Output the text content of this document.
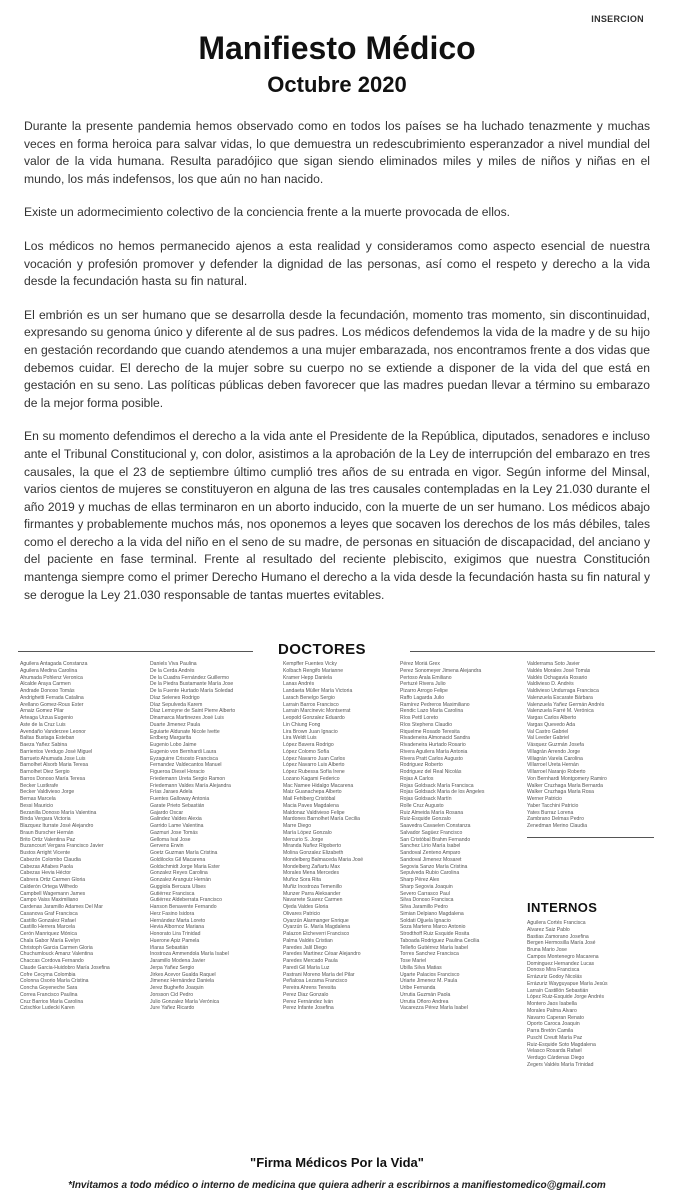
INSERCION
Manifiesto Médico
Octubre 2020

Durante la presente pandemia hemos observado como en todos los países se ha luchado tenazmente y muchas veces en forma heroica para salvar vidas, lo que demuestra un redescubrimiento esperanzador a nivel mundial del valor de la vida humana. Resulta paradójico que sigan siendo eliminados miles y miles de niños y niñas en el mundo, los más indefensos, los que aún no han nacido.

Existe un adormecimiento colectivo de la conciencia frente a la muerte provocada de ellos.

Los médicos no hemos permanecido ajenos a esta realidad y consideramos como aspecto esencial de nuestra vocación y profesión promover y defender la dignidad de las personas, así como el respeto y derecho a la vida desde la fecundación hasta su fin natural.

El embrión es un ser humano que se desarrolla desde la fecundación, momento tras momento, sin discontinuidad, expresando su genoma único y diferente al de sus padres. Los médicos defendemos la vida de la madre y de su hijo en gestación recordando que cuando atendemos a una mujer embarazada, nos encontramos frente a dos vidas que debemos cuidar. El derecho de la mujer sobre su cuerpo no se extiende a disponer de la vida del que está en gestación en su seno. Las políticas públicas deben favorecer que las madres puedan llevar a término su embarazo de la mejor forma posible.

En su momento defendimos el derecho a la vida ante el Presidente de la República, diputados, senadores e incluso ante el Tribunal Constitucional y, con dolor, asistimos a la aprobación de la Ley de interrupción del embarazo en tres causales, la que el 23 de septiembre último cumplió tres años de su entrada en vigor. Según informe del Minsal, varios cientos de mujeres se constituyeron en alguna de las tres causales contempladas en la Ley 21.030 durante el año 2019 y muchas de ellas terminaron en un aborto inducido, con la muerte de un ser humano. Los médicos abajo firmantes y probablemente muchos más, nos oponemos a leyes que socaven los derechos de los más débiles, tales como el derecho a la vida del niño en el seno de su madre, de personas en situación de discapacidad, del anciano y del paciente en fase terminal. Frente al resultado del reciente plebiscito, exigimos que nuestra Constitución mantenga siempre como el primer Derecho Humano el derecho a la vida desde la fecundación hasta su fin natural y se derogue la Ley 21.030 responsable de tantas muertes evitables.

DOCTORES
Aguilera Antagada Constanza
Aguilera Medina Carolina
Ahumada Pohlenz Veronica
Alcalde Araya Carmen
Andrade Donoso Tomás
Andrighetti Ferrada Catalina
Arellano Gomez-Rous Ester
Arnaiz Gomez Pilar
Arteaga Urzua Eugenio
Aste de la Cruz Luis
Avendaño Vanderzee Leonor
Baltas Bustaga Esteban
Baeza Yañez Sabina
Barrientos Verdugo José Miguel
Barrueto Ahumada Jose Luis
Barnolhet Alsorb Maria Teresa
Barnolhet Diez Sergio
Barros Donoso María Teresa
Becker Lustkrafe
Becker Valdivieso Jorge
Bernas Marcela
Bessi Mauricio
Bezanilla Donoso María Valentina
Binda Vergara Victoria
Blazquez Iturrate José Alejandro
Braun Burscher Hernán
Brito Ortiz Valentina Paz
Buzancourt Vergara Francisco Javier
Bustos Arright Vicente
Cabezón Colombo Claudia
Cabezas Añabes Paola
Cabezas Hevia Héctor
Cabrera Ortiz Carmen Gloria
Calderón Ortega Wilfredo
Campbell Wagemann James
Campo Vaiss Maximiliano
Cardenas Jaramillo Adames Del Mar
Casanova Graf Francisca
Castillo Gonzalez Rafael
Castillo Herrera Marcela
Cerón Manriquez Mónica
Chala Gabor María Evelyn
Christoph Garcia Carmen Gloria
Chuchumlouck Amanz Valentina
Chaccas Cordova Fernando
Claude Garcia-Huidobro María Josefina
Cofre Cecyma Colombia
Colonna Osorio María Cristina
Concha Goyeneche Sara
Correa Francisco Paulina
Cruz Barrios María Carolina
Czischke Ludecki Karen
Daniels Viva Paulina
De la Cerda Andrés
De la Cuadra Fernández Guillermo
De la Piedra Bustamante María Jose
De la Fuente Hurtado María Soledad
Díaz Selenes Rodrigo
Díaz Sepulveda Karem
Díaz Lemoyne de Saint Pierre Alberto
Dinamarca Martinezes José Luis
Duarte Jimenez Paula
Eguiarte Aldunate Nicole Ivette
Erdberg Margarita
Eugenio Lobo Jaime
Eugenio von Bernhardi Laura
Eyzaguirre Crisosto Francisca
Fernandez Valdecantos Manuel
Figueroa Diesel Horacio
Friedemann Ureta Sergio Ramon
Friedemann Valdes María Alejandra
Frías Jaraes Adela
Fuentes Galloway Antonia
Garate Prieto Sebastián
Gajardo Oscar
Galindez Valdes Alexia
Garrido Lame Valentina
Gazmuri Jose Tomás
Gelloma Ival Jose
Gervens Erwin
Goetz Guzman María Cristina
Goldilocks Gil Macarena
Goldschmidt Jorge Maria Ester
Gonzalez Reyes Carolina
Gonzalez Aranguiz Hernán
Guggiola Bercaza Ulises
Gutiérrez Francisca
Gutiérrez Aldeberrata Francisco
Hanson Benavente Fernando
Herz Fasino Isidora
Hernández Marta Loreto
Hevia Albornoz Mariana
Honorato Lira Trinidad
Huerone Apiz Pamela
Iñaras Sebastián
Inostroza Ammendola María Isabel
Jaramillo Modena Javier
Jerpa Yañez Sergio
Jirkes Acevor Gualda Raquel
Jimenez Hernández Daniela
Jerez Bugheño Joaquin
Jonsson Cid Pedro
Julio Gonzalez María Verónica
Jure Yañez Ricardo
Kempffer Fuentes Vicky
Kolbach Rengifo Marianne
Kramer Hepp Daniela
Lanas Andrés
Landaeta Müller María Victoria
Larach Benelgo Sergio
Larrain Barros Francisco
Larrain Marcinevic Montserrat
Leopold Gonzalez Eduardo
Lin Chiung Fong
Lira Brown Juan Ignacio
Lira Weldt Luis
López Bavera Rodrigo
López Colomo Sofía
López Navarro Juan Carlos
López Navarro Luis Alberto
López Rubessa Sofía Irene
Lozano Kagami Federico
Mac Namee Hidalgo Macarena
Maiz Guanachepa Alberto
Mail Fehlberg Cristóbal
Macia Paves Magdalena
Maldonaz Valdivieso Felipe
Mardones Barnolhet María Cecilia
Marre Diego
María López Gonzalo
Mercurio S. Jorge
Miranda Nuñez Rigoberto
Molina Gonzalez Elizabeth
Mondelberg Balmaceda Maria José
Mondelberg Zañartu Max
Morales Mena Mercedes
Muñoz Sora Rita
Muñiz Inostroza Temenillo
Munzer Parra Aleksander
Navarrete Suarez Carmen
Ojeda Valdes Gloria
Olivares Patricio
Oyarzún Alarmanger Enrique
Oyarzún G. María Magdalena
Palazon Etcheverri Francisco
Palma Valdés Cristian
Paredes Jalil Diego
Paredes Martinez César Alejandro
Paredes Mercado Paula
Paredi Gil María Luz
Pastrani Moreno María del Pilar
Peñalosa Lezama Francisco
Pereira Ahrens Teresita
Perez Diaz Gonzalo
Perez Fernández Iván
Perez Infante Josefina
Pérez Moriá Grex
Perez Sonomeyer Jimena Alejandra
Pertoso Arala Emiliano
Pertuzé Rivera Julio
Pizarro Arrogo Felipe
Raffo Lagarda Julio
Ramírez Pedreros Maximiliano
Rendic Lazo María Carolina
Ríos Pettl Loreto
Ríos Stephens Claudio
Riquelme Rosado Teresita
Rivadeneira Almonacid Sandra
Rivadeneira Hurtado Rosario
Rivera Aguilera María Antonia
Rivera Pratt Carlos Augusto
Rodriguez Roberto
Rodriguez del Real Nicolás
Rojas A Carlos
Rojas Goldsack María Francisca
Rojas Goldsack Maria de los Angeles
Rojas Goldsack Martín
Rolle Cruz Augusto
Ruiz Almeida María Rosana
Ruiz-Esquide Gonzalo
Saavedra Cavaelen Constanza
Salvador Sagüez Francisco
San Cristóbal Brahm Fernando
Sanchez Lirio María Isabel
Sandoval Zenteno Amparo
Sandoval Jimenez Mosaret
Segovia Sanzo María Cristina
Sepulveda Rubio Carolina
Sharp Pérez Alex
Sharp Segovia Joaquin
Severo Carrasco Paul
Silva Donoso Francisca
Silva Jaramillo Pedro
Simian Delpiano Magdalena
Soldati Ojjuela Ignacio
Soza Martens Marco Antonio
Strodthoff Ruiz Esquide Rosita
Taboada Rodriguez Paulina Cecilia
Telleño Gutiérrez María Isabel
Torres Sanchez Francisca
Tose Mariel
Ubilla Silva Matias
Ugarte Palacios Francisco
Uriarte Jimenez M. Paula
Uribe Fernanda
Urrutia Guzmán Paola
Urrutia Oñoro Andrea
Vacarezza Pérez María Isabel
Valderrama Soto Javier
Valdés Morales José Tomás
Valdés Ochagavía Rosario
Valdivieso D. Andrés
Valdivieso Undurraga Francisca
Valenzuela Escarate Bárbara
Valenzuela Yañez Germán Andrés
Valenzuela Farré M. Verónica
Vargas Carlos Alberto
Vargas Quevedo Ada
Val Castro Gabriel
Val Leeder Gabriel
Vásquez Guzmán Josefa
Villagrán Arrendo Jorge
Villagrán Varela Carolina
Villarroel Ureta Hernán
Villarroel Naranjo Roberto
Von Bernhardi Montgomery Ramiro
Walker Cruzhaga María Bernarda
Walker Cruzhaga María Rosa
Werner Patricio
Yaber Tacchini Patricio
Yates Burraz Lorena
Zambrano Delmas Pedro
Zenedman Merino Claudia
INTERNOS
Aguilera Cortés Francisca
Alvarez Saiz Pablo
Bastias Zamorano Josefina
Bergen Hermosilla María José
Bruna Mario Jose
Campos Montenegro Macarena
Dominguez Hernandez Lucas
Donoso Mira Francisca
Errázuriz Godoy Nicolás
Errázuriz Wayguyapue María Jesús
Larraín Castillón Sebastián
López Ruiz-Esquide Jorge Andrés
Montero Jaos Isabella
Morales Palma Álvaro
Navarro Caperan Renato
Oporto Caroca Joaquin
Parra Bretón Camila
Puschl Creutt María Paz
Ruiz-Esquide Soto Magdalena
Velasco Rosarda Rafael
Verdugo Cárdenas Diego
Zegers Valdés María Trinidad
"Firma Médicos Por la Vida"
*Invitamos a todo médico o interno de medicina que quiera adherir a escribirnos a manifiestomedico@gmail.com
